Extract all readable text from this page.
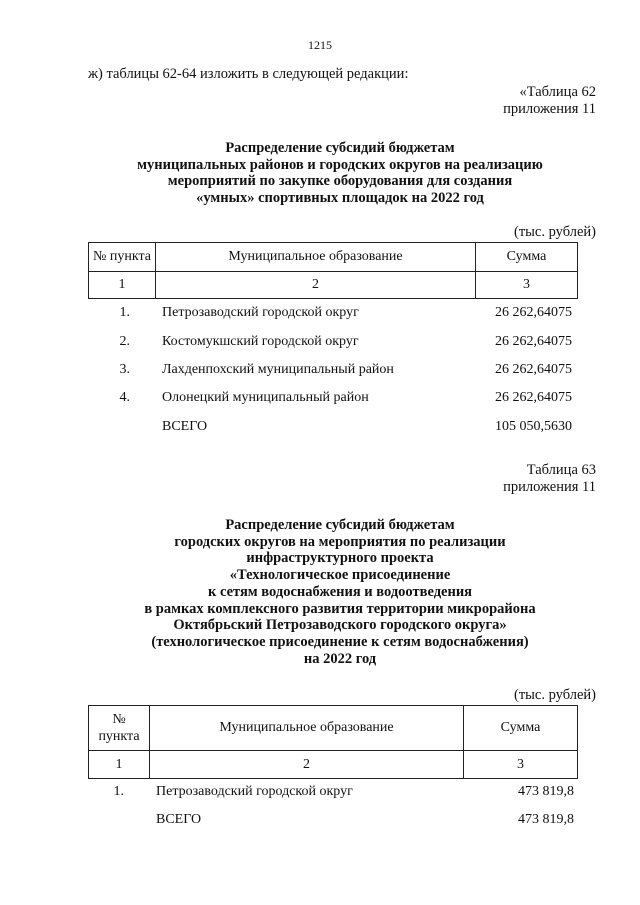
1215
ж) таблицы 62-64 изложить в следующей редакции:
«Таблица 62
приложения 11
Распределение субсидий бюджетам
муниципальных районов и городских округов на реализацию
мероприятий по закупке оборудования для создания
«умных» спортивных площадок на 2022 год
(тыс. рублей)
№ пункта	Муниципальное образование	Сумма
1	2	3
1. Петрозаводский городской округ	26 262,64075
2. Костомукшский городской округ	26 262,64075
3. Лахденпохский муниципальный район	26 262,64075
4. Олонецкий муниципальный район	26 262,64075
ВСЕГО	105 050,5630
Таблица 63
приложения 11
Распределение субсидий бюджетам
городских округов на мероприятия по реализации
инфраструктурного проекта
«Технологическое присоединение
к сетям водоснабжения и водоотведения
в рамках комплексного развития территории микрорайона
Октябрьский Петрозаводского городского округа»
(технологическое присоединение к сетям водоснабжения)
на 2022 год
(тыс. рублей)
№
пункта	Муниципальное образование	Сумма
1	2	3
1. Петрозаводский городской округ	473 819,8
ВСЕГО	473 819,8
